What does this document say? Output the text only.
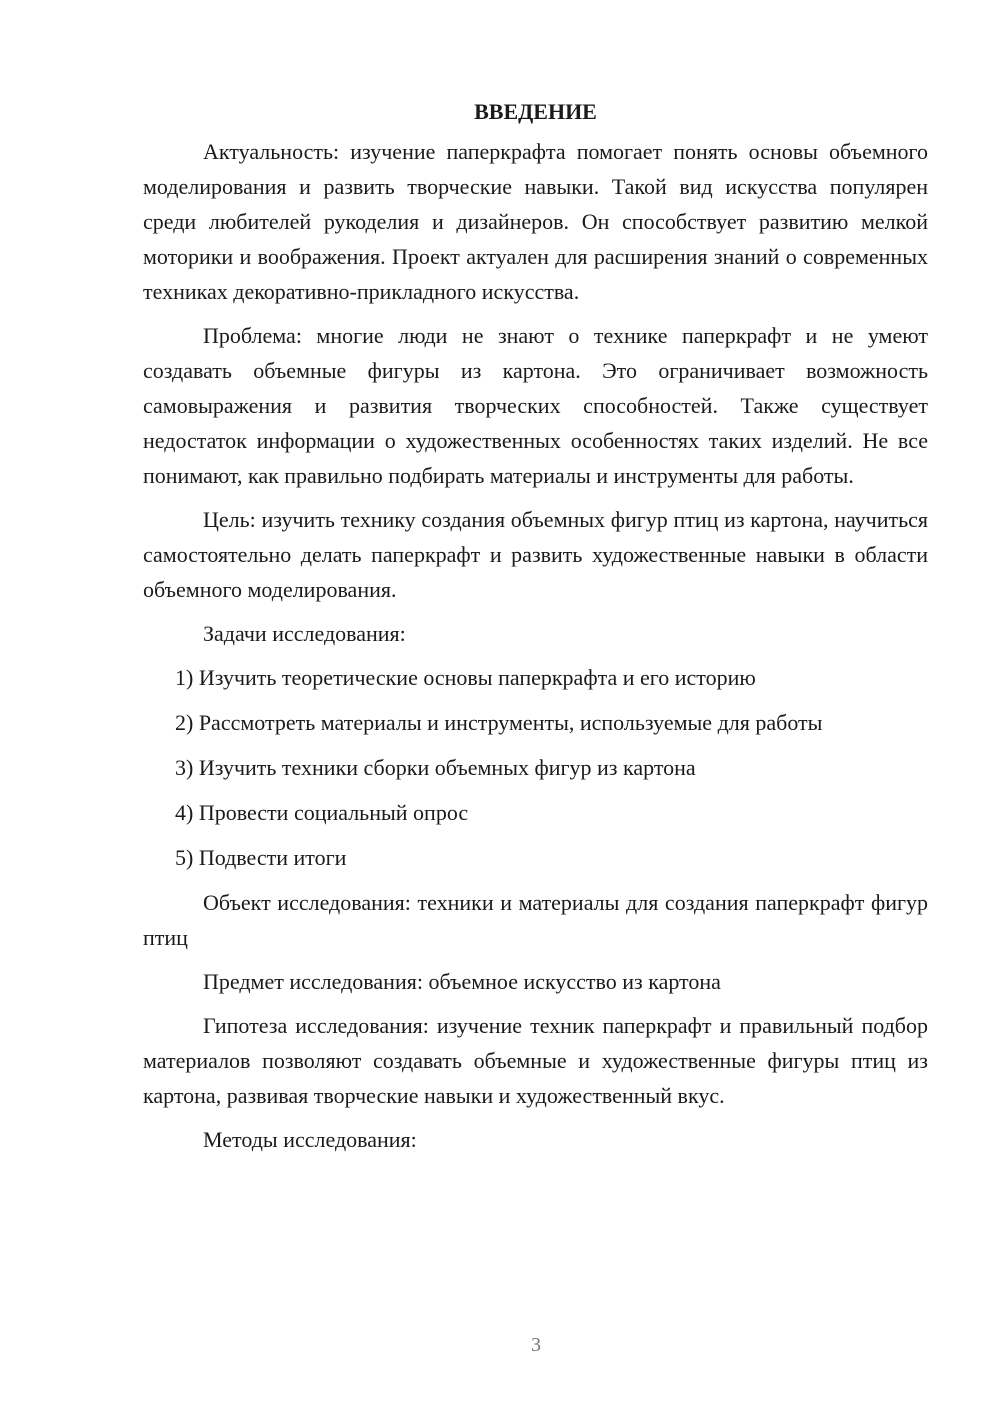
ВВЕДЕНИЕ
Актуальность: изучение паперкрафта помогает понять основы объемного моделирования и развить творческие навыки. Такой вид искусства популярен среди любителей рукоделия и дизайнеров. Он способствует развитию мелкой моторики и воображения. Проект актуален для расширения знаний о современных техниках декоративно-прикладного искусства.
Проблема: многие люди не знают о технике паперкрафт и не умеют создавать объемные фигуры из картона. Это ограничивает возможность самовыражения и развития творческих способностей. Также существует недостаток информации о художественных особенностях таких изделий. Не все понимают, как правильно подбирать материалы и инструменты для работы.
Цель: изучить технику создания объемных фигур птиц из картона, научиться самостоятельно делать паперкрафт и развить художественные навыки в области объемного моделирования.
Задачи исследования:
1) Изучить теоретические основы паперкрафта и его историю
2) Рассмотреть материалы и инструменты, используемые для работы
3) Изучить техники сборки объемных фигур из картона
4) Провести социальный опрос
5) Подвести итоги
Объект исследования: техники и материалы для создания паперкрафт фигур птиц
Предмет исследования: объемное искусство из картона
Гипотеза исследования: изучение техник паперкрафт и правильный подбор материалов позволяют создавать объемные и художественные фигуры птиц из картона, развивая творческие навыки и художественный вкус.
Методы исследования:
3
